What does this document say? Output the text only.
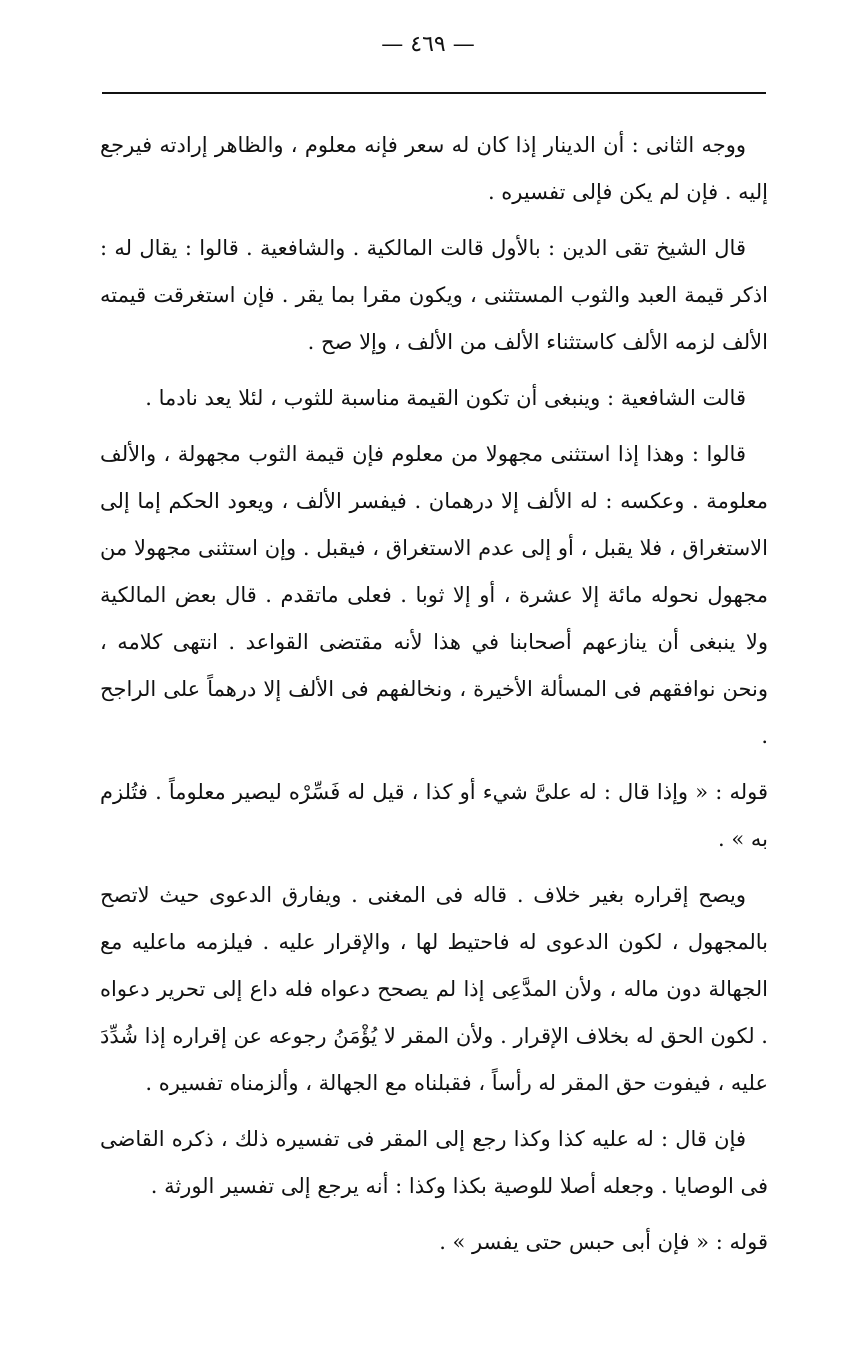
— ٤٦٩ —

ووجه الثانى : أن الدينار إذا كان له سعر فإنه معلوم ، والظاهر إرادته فيرجع إليه . فإن لم يكن فإلى تفسيره .

قال الشيخ تقى الدين : بالأول قالت المالكية . والشافعية . قالوا : يقال له : اذكر قيمة العبد والثوب المستثنى ، ويكون مقرا بما يقر . فإن استغرقت قيمته الألف لزمه الألف كاستثناء الألف من الألف ، وإلا صح .

قالت الشافعية : وينبغى أن تكون القيمة مناسبة للثوب ، لئلا يعد نادما .

قالوا : وهذا إذا استثنى مجهولا من معلوم فإن قيمة الثوب مجهولة ، والألف معلومة . وعكسه : له الألف إلا درهمان . فيفسر الألف ، ويعود الحكم إما إلى الاستغراق ، فلا يقبل ، أو إلى عدم الاستغراق ، فيقبل . وإن استثنى مجهولا من مجهول نحوله مائة إلا عشرة ، أو إلا ثوبا . فعلى ماتقدم . قال بعض المالكية ولا ينبغى أن ينازعهم أصحابنا في هذا لأنه مقتضى القواعد . انتهى كلامه ، ونحن نوافقهم فى المسألة الأخيرة ، ونخالفهم فى الألف إلا درهماً على الراجح .

قوله : « وإذا قال : له علىَّ شيء أو كذا ، قيل له فَسِّرْه ليصير معلوماً . فتُلزم به » .

ويصح إقراره بغير خلاف . قاله فى المغنى . ويفارق الدعوى حيث لاتصح بالمجهول ، لكون الدعوى له فاحتيط لها ، والإقرار عليه . فيلزمه ماعليه مع الجهالة دون ماله ، ولأن المدَّعِى إذا لم يصحح دعواه فله داع إلى تحرير دعواه . لكون الحق له بخلاف الإقرار . ولأن المقر لا يُؤْمَنُ رجوعه عن إقراره إذا شُدِّدَ عليه ، فيفوت حق المقر له رأساً ، فقبلناه مع الجهالة ، وألزمناه تفسيره .

فإن قال : له عليه كذا وكذا رجع إلى المقر فى تفسيره ذلك ، ذكره القاضى فى الوصايا . وجعله أصلا للوصية بكذا وكذا : أنه يرجع إلى تفسير الورثة .

قوله : « فإن أبى حبس حتى يفسر » .
